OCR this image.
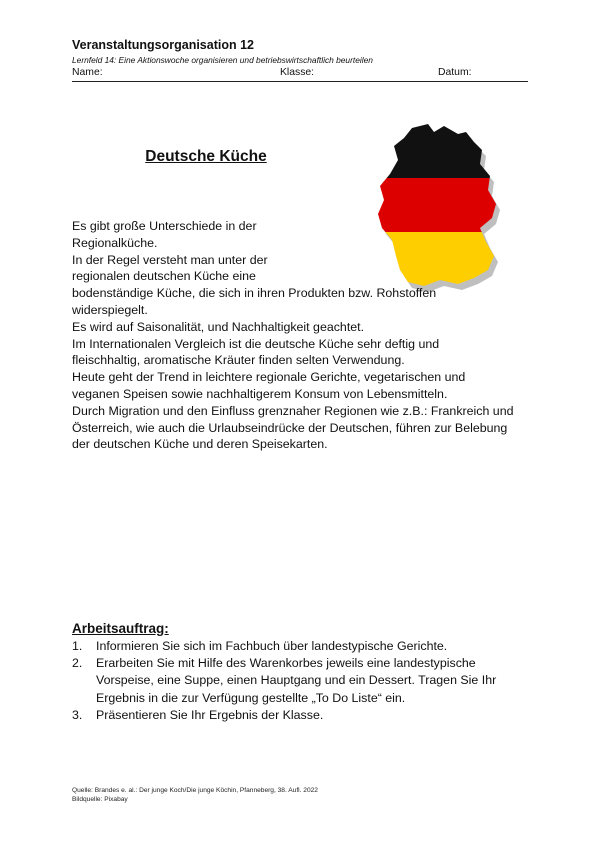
Veranstaltungsorganisation 12
Lernfeld 14: Eine Aktionswoche organisieren und betriebswirtschaftlich beurteilen
Name:	Klasse:	Datum:
Deutsche Küche

Es gibt große Unterschiede in der

Regionalküche.

In der Regel versteht man unter der

regionalen deutschen Küche eine

bodenständige Küche, die sich in ihren Produkten bzw. Rohstoffen

widerspiegelt.

Es wird auf Saisonalität, und Nachhaltigkeit geachtet.

Im Internationalen Vergleich ist die deutsche Küche sehr deftig und

fleischhaltig, aromatische Kräuter finden selten Verwendung.

Heute geht der Trend in leichtere regionale Gerichte, vegetarischen und

veganen Speisen sowie nachhaltigerem Konsum von Lebensmitteln.

Durch Migration und den Einfluss grenznaher Regionen wie z.B.: Frankreich und

Österreich, wie auch die Urlaubseindrücke der Deutschen, führen zur Belebung

der deutschen Küche und deren Speisekarten.

Arbeitsauftrag:
1. Informieren Sie sich im Fachbuch über landestypische Gerichte.
2. Erarbeiten Sie mit Hilfe des Warenkorbes jeweils eine landestypische
Vorspeise, eine Suppe, einen Hauptgang und ein Dessert. Tragen Sie Ihr
Ergebnis in die zur Verfügung gestellte „To Do Liste“ ein.
3. Präsentieren Sie Ihr Ergebnis der Klasse.
Quelle: Brandes e. al.: Der junge Koch/Die junge Köchin, Pfanneberg, 38. Aufl. 2022
Bildquelle: Pixabay
